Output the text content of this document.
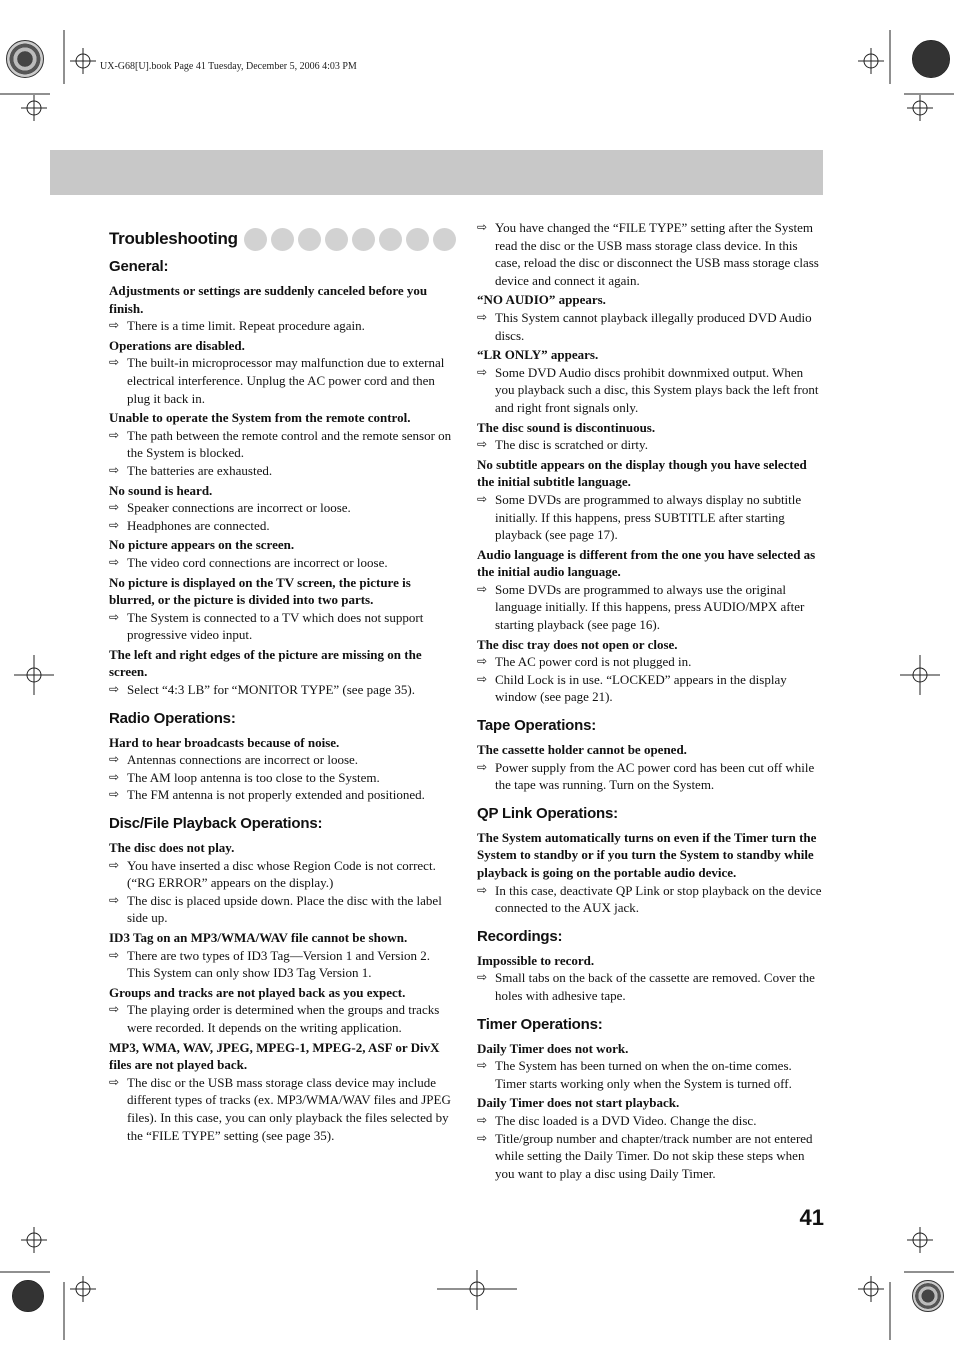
UX-G68[U].book Page 41 Tuesday, December 5, 2006 4:03 PM
Troubleshooting
General:
Adjustments or settings are suddenly canceled before you finish.
⇨ There is a time limit. Repeat procedure again.
Operations are disabled.
⇨ The built-in microprocessor may malfunction due to external electrical interference. Unplug the AC power cord and then plug it back in.
Unable to operate the System from the remote control.
⇨ The path between the remote control and the remote sensor on the System is blocked.
⇨ The batteries are exhausted.
No sound is heard.
⇨ Speaker connections are incorrect or loose.
⇨ Headphones are connected.
No picture appears on the screen.
⇨ The video cord connections are incorrect or loose.
No picture is displayed on the TV screen, the picture is blurred, or the picture is divided into two parts.
⇨ The System is connected to a TV which does not support progressive video input.
The left and right edges of the picture are missing on the screen.
⇨ Select “4:3 LB” for “MONITOR TYPE” (see page 35).
Radio Operations:
Hard to hear broadcasts because of noise.
⇨ Antennas connections are incorrect or loose.
⇨ The AM loop antenna is too close to the System.
⇨ The FM antenna is not properly extended and positioned.
Disc/File Playback Operations:
The disc does not play.
⇨ You have inserted a disc whose Region Code is not correct. (“RG ERROR” appears on the display.)
⇨ The disc is placed upside down. Place the disc with the label side up.
ID3 Tag on an MP3/WMA/WAV file cannot be shown.
⇨ There are two types of ID3 Tag—Version 1 and Version 2. This System can only show ID3 Tag Version 1.
Groups and tracks are not played back as you expect.
⇨ The playing order is determined when the groups and tracks were recorded. It depends on the writing application.
MP3, WMA, WAV, JPEG, MPEG-1, MPEG-2, ASF or DivX files are not played back.
⇨ The disc or the USB mass storage class device may include different types of tracks (ex. MP3/WMA/WAV files and JPEG files). In this case, you can only playback the files selected by the “FILE TYPE” setting (see page 35).
⇨ You have changed the “FILE TYPE” setting after the System read the disc or the USB mass storage class device. In this case, reload the disc or disconnect the USB mass storage class device and connect it again.
“NO AUDIO” appears.
⇨ This System cannot playback illegally produced DVD Audio discs.
“LR ONLY” appears.
⇨ Some DVD Audio discs prohibit downmixed output. When you playback such a disc, this System plays back the left front and right front signals only.
The disc sound is discontinuous.
⇨ The disc is scratched or dirty.
No subtitle appears on the display though you have selected the initial subtitle language.
⇨ Some DVDs are programmed to always display no subtitle initially. If this happens, press SUBTITLE after starting playback (see page 17).
Audio language is different from the one you have selected as the initial audio language.
⇨ Some DVDs are programmed to always use the original language initially. If this happens, press AUDIO/MPX after starting playback (see page 16).
The disc tray does not open or close.
⇨ The AC power cord is not plugged in.
⇨ Child Lock is in use. “LOCKED” appears in the display window (see page 21).
Tape Operations:
The cassette holder cannot be opened.
⇨ Power supply from the AC power cord has been cut off while the tape was running. Turn on the System.
QP Link Operations:
The System automatically turns on even if the Timer turn the System to standby or if you turn the System to standby while playback is going on the portable audio device.
⇨ In this case, deactivate QP Link or stop playback on the device connected to the AUX jack.
Recordings:
Impossible to record.
⇨ Small tabs on the back of the cassette are removed. Cover the holes with adhesive tape.
Timer Operations:
Daily Timer does not work.
⇨ The System has been turned on when the on-time comes. Timer starts working only when the System is turned off.
Daily Timer does not start playback.
⇨ The disc loaded is a DVD Video. Change the disc.
⇨ Title/group number and chapter/track number are not entered while setting the Daily Timer. Do not skip these steps when you want to play a disc using Daily Timer.
41
